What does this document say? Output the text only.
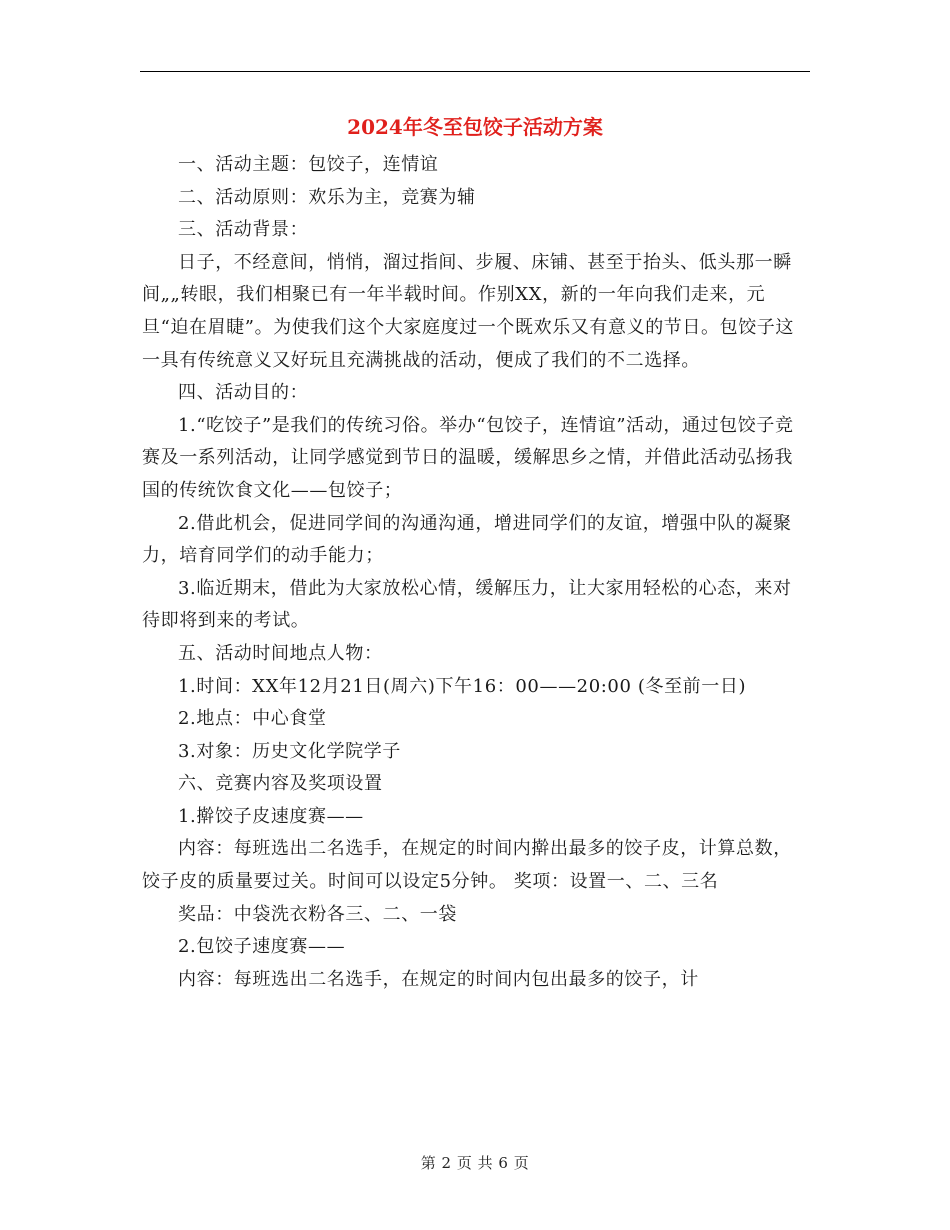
2024年冬至包饺子活动方案

一、活动主题：包饺子，连情谊

二、活动原则：欢乐为主，竞赛为辅

三、活动背景：

日子，不经意间，悄悄，溜过指间、步履、床铺、甚至于抬头、低头那一瞬间„„转眼，我们相聚已有一年半载时间。作别XX，新的一年向我们走来，元旦“迫在眉睫”。为使我们这个大家庭度过一个既欢乐又有意义的节日。包饺子这一具有传统意义又好玩且充满挑战的活动，便成了我们的不二选择。

四、活动目的：

1.“吃饺子”是我们的传统习俗。举办“包饺子，连情谊”活动，通过包饺子竞赛及一系列活动，让同学感觉到节日的温暖，缓解思乡之情，并借此活动弘扬我国的传统饮食文化——包饺子；

2.借此机会，促进同学间的沟通沟通，增进同学们的友谊，增强中队的凝聚力，培育同学们的动手能力；

3.临近期末，借此为大家放松心情，缓解压力，让大家用轻松的心态，来对待即将到来的考试。

五、活动时间地点人物：

1.时间：XX年12月21日(周六)下午16：00——20:00 (冬至前一日)

2.地点：中心食堂

3.对象：历史文化学院学子

六、竞赛内容及奖项设置

1.擀饺子皮速度赛——

内容：每班选出二名选手，在规定的时间内擀出最多的饺子皮，计算总数，饺子皮的质量要过关。时间可以设定5分钟。 奖项：设置一、二、三名

奖品：中袋洗衣粉各三、二、一袋

2.包饺子速度赛——

内容：每班选出二名选手，在规定的时间内包出最多的饺子，计

第 2 页 共 6 页
